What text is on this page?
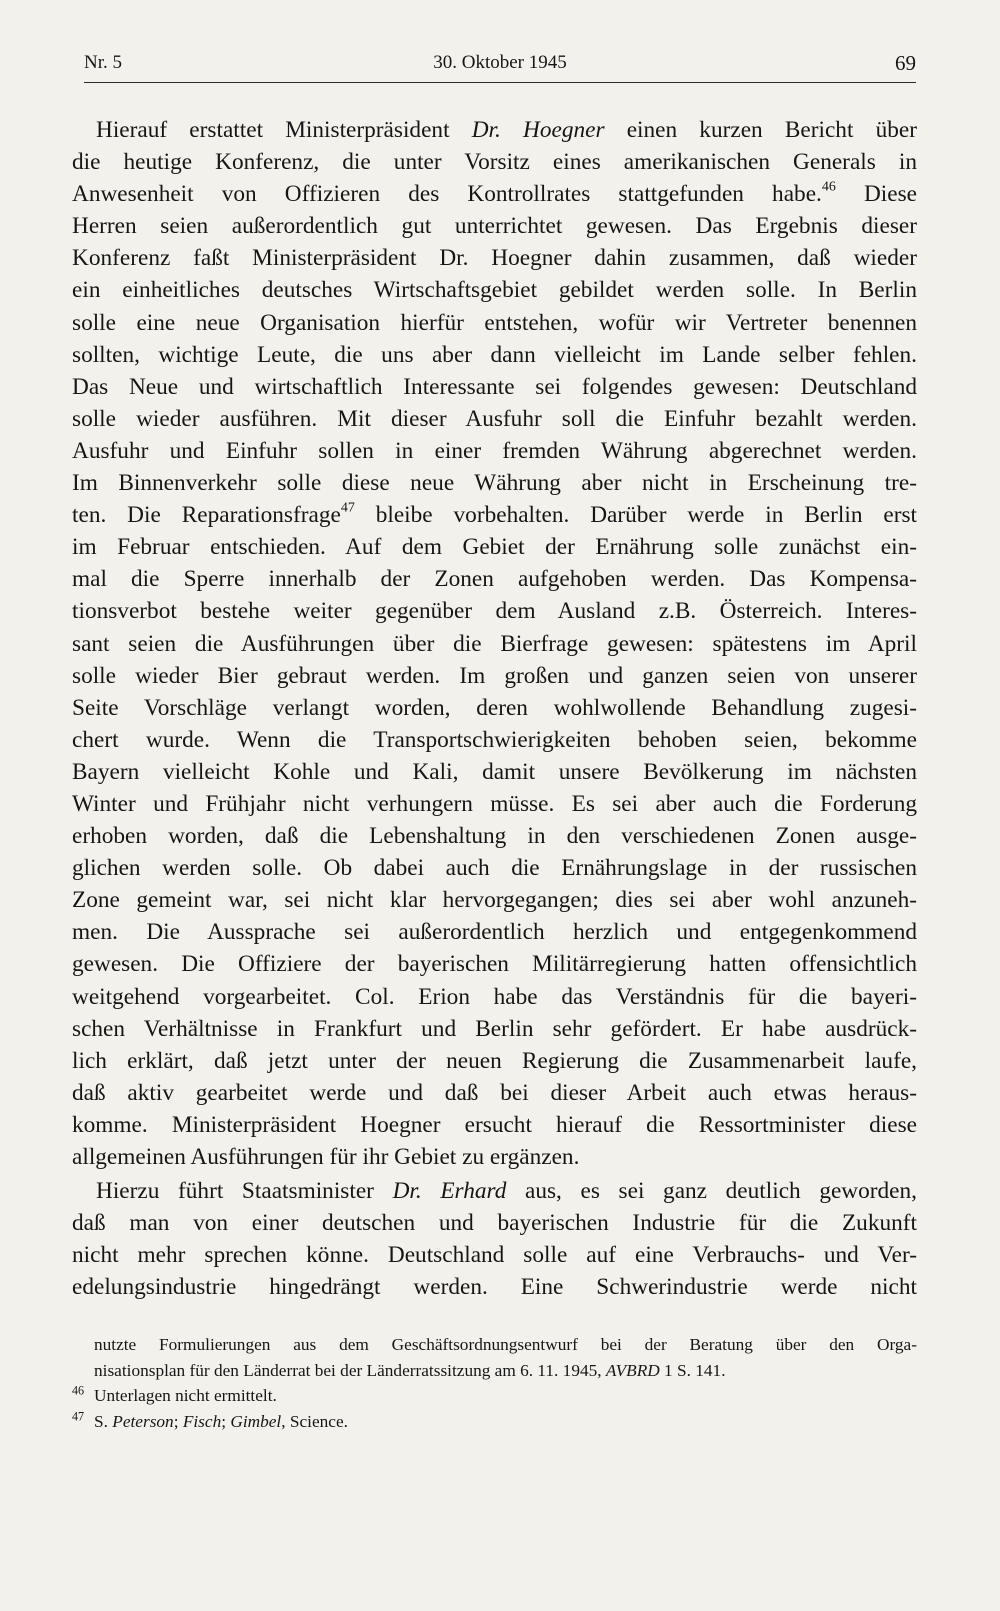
Nr. 5	30. Oktober 1945	69
Hierauf erstattet Ministerpräsident Dr. Hoegner einen kurzen Bericht über
die heutige Konferenz, die unter Vorsitz eines amerikanischen Generals in
Anwesenheit von Offizieren des Kontrollrates stattgefunden habe.$^{46}$ Diese
Herren seien außerordentlich gut unterrichtet gewesen. Das Ergebnis dieser
Konferenz faßt Ministerpräsident Dr. Hoegner dahin zusammen, daß wieder
ein einheitliches deutsches Wirtschaftsgebiet gebildet werden solle. In Berlin
solle eine neue Organisation hierfür entstehen, wofür wir Vertreter benennen
sollten, wichtige Leute, die uns aber dann vielleicht im Lande selber fehlen.
Das Neue und wirtschaftlich Interessante sei folgendes gewesen: Deutschland
solle wieder ausführen. Mit dieser Ausfuhr soll die Einfuhr bezahlt werden.
Ausfuhr und Einfuhr sollen in einer fremden Währung abgerechnet werden.
Im Binnenverkehr solle diese neue Währung aber nicht in Erscheinung tre-
ten. Die Reparationsfrage$^{47}$ bleibe vorbehalten. Darüber werde in Berlin erst
im Februar entschieden. Auf dem Gebiet der Ernährung solle zunächst ein-
mal die Sperre innerhalb der Zonen aufgehoben werden. Das Kompensa-
tionsverbot bestehe weiter gegenüber dem Ausland z.B. Österreich. Interes-
sant seien die Ausführungen über die Bierfrage gewesen: spätestens im April
solle wieder Bier gebraut werden. Im großen und ganzen seien von unserer
Seite Vorschläge verlangt worden, deren wohlwollende Behandlung zugesi-
chert wurde. Wenn die Transportschwierigkeiten behoben seien, bekomme
Bayern vielleicht Kohle und Kali, damit unsere Bevölkerung im nächsten
Winter und Frühjahr nicht verhungern müsse. Es sei aber auch die Forderung
erhoben worden, daß die Lebenshaltung in den verschiedenen Zonen ausge-
glichen werden solle. Ob dabei auch die Ernährungslage in der russischen
Zone gemeint war, sei nicht klar hervorgegangen; dies sei aber wohl anzuneh-
men. Die Aussprache sei außerordentlich herzlich und entgegenkommend
gewesen. Die Offiziere der bayerischen Militärregierung hatten offensichtlich
weitgehend vorgearbeitet. Col. Erion habe das Verständnis für die bayeri-
schen Verhältnisse in Frankfurt und Berlin sehr gefördert. Er habe ausdrück-
lich erklärt, daß jetzt unter der neuen Regierung die Zusammenarbeit laufe,
daß aktiv gearbeitet werde und daß bei dieser Arbeit auch etwas heraus-
komme. Ministerpräsident Hoegner ersucht hierauf die Ressortminister diese
allgemeinen Ausführungen für ihr Gebiet zu ergänzen.
Hierzu führt Staatsminister Dr. Erhard aus, es sei ganz deutlich geworden,
daß man von einer deutschen und bayerischen Industrie für die Zukunft
nicht mehr sprechen könne. Deutschland solle auf eine Verbrauchs- und Ver-
edelungsindustrie hingedrängt werden. Eine Schwerindustrie werde nicht
nutzte Formulierungen aus dem Geschäftsordnungsentwurf bei der Beratung über den Orga-
nisationsplan für den Länderrat bei der Länderratssitzung am 6. 11. 1945, AVBRD 1 S. 141.
$^{46}$ Unterlagen nicht ermittelt.
$^{47}$ S. Peterson; Fisch; Gimbel, Science.
